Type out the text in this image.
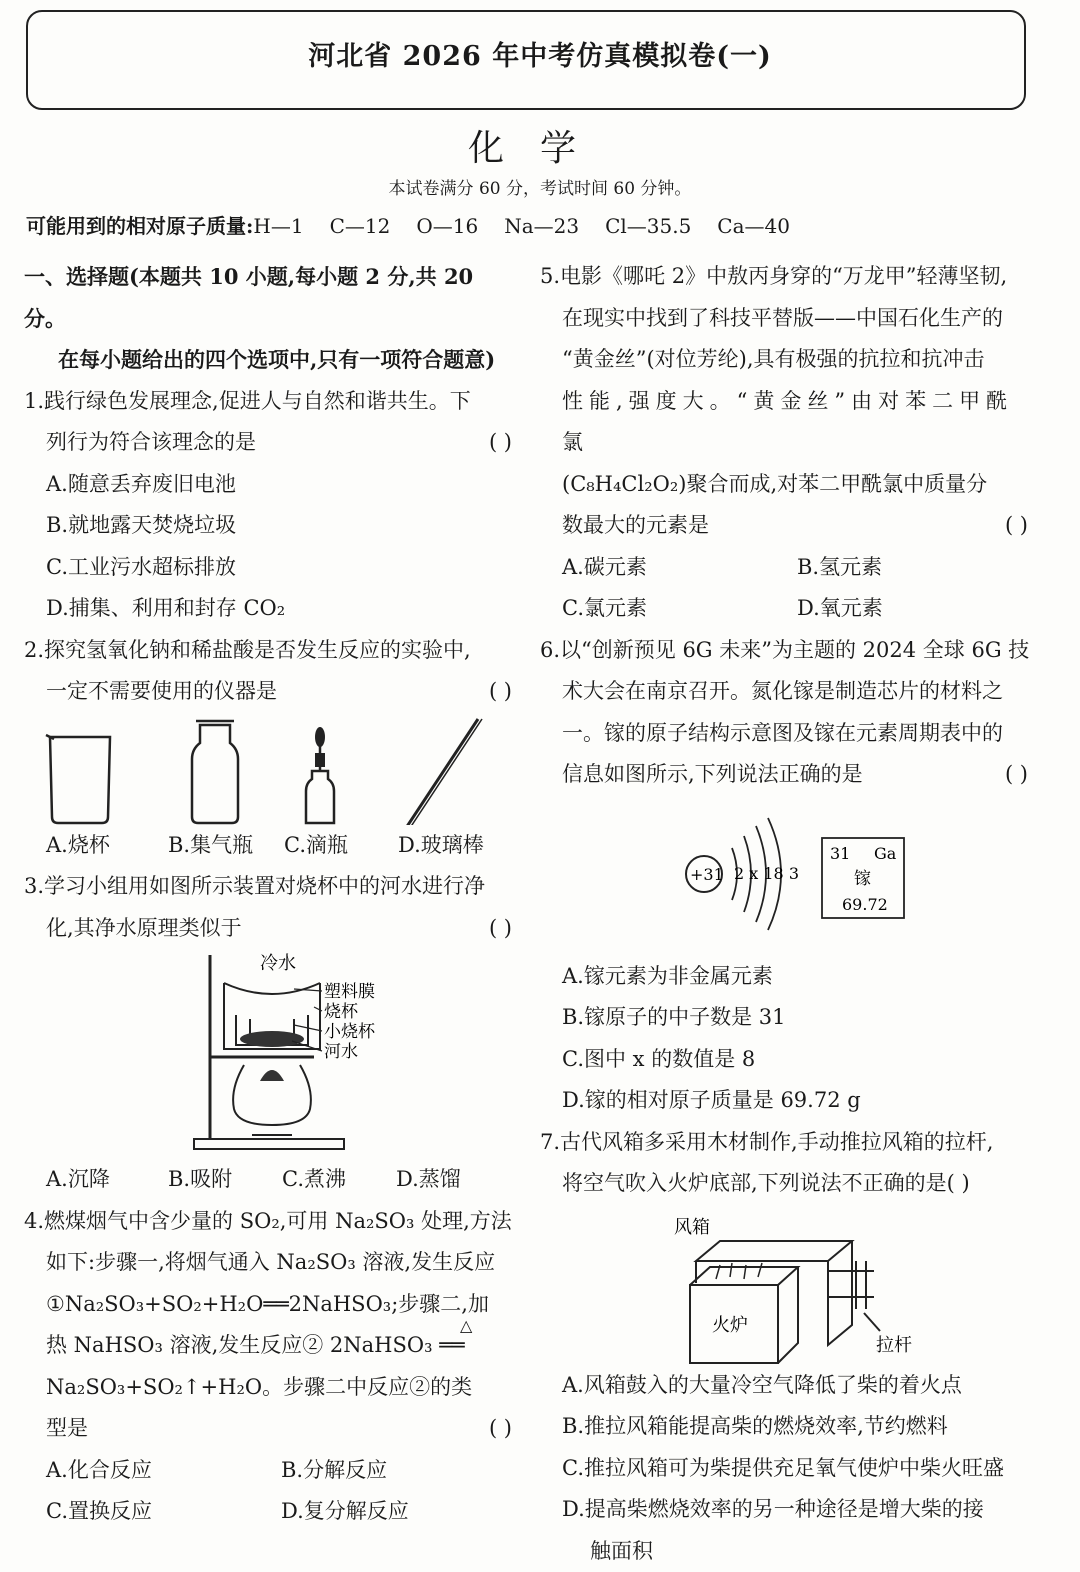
河北省 2026 年中考仿真模拟卷(一)
化学
本试卷满分 60 分，考试时间 60 分钟。
可能用到的相对原子质量:H—1 C—12 O—16 Na—23 Cl—35.5 Ca—40
一、选择题(本题共 10 小题,每小题 2 分,共 20 分。
在每小题给出的四个选项中,只有一项符合题意)
1.践行绿色发展理念,促进人与自然和谐共生。下
列行为符合该理念的是	( )
A.随意丢弃废旧电池
B.就地露天焚烧垃圾
C.工业污水超标排放
D.捕集、利用和封存 CO₂
2.探究氢氧化钠和稀盐酸是否发生反应的实验中,
一定不需要使用的仪器是	( )
A.烧杯	B.集气瓶	C.滴瓶	D.玻璃棒
3.学习小组用如图所示装置对烧杯中的河水进行净
化,其净水原理类似于	( )
冷水
塑料膜
烧杯
小烧杯
河水
A.沉降	B.吸附	C.煮沸	D.蒸馏
4.燃煤烟气中含少量的 SO₂,可用 Na₂SO₃ 处理,方法
如下:步骤一,将烟气通入 Na₂SO₃ 溶液,发生反应
①Na₂SO₃+SO₂+H₂O══2NaHSO₃;步骤二,加
热 NaHSO₃ 溶液,发生反应② 2NaHSO₃ ══
△
Na₂SO₃+SO₂↑+H₂O。步骤二中反应②的类
型是	( )
A.化合反应	B.分解反应
C.置换反应	D.复分解反应
5.电影《哪吒 2》中敖丙身穿的“万龙甲”轻薄坚韧,
在现实中找到了科技平替版——中国石化生产的
“黄金丝”(对位芳纶),具有极强的抗拉和抗冲击
性能,强度大。“黄金丝”由对苯二甲酰氯
(C₈H₄Cl₂O₂)聚合而成,对苯二甲酰氯中质量分
数最大的元素是	( )
A.碳元素	B.氢元素
C.氯元素	D.氧元素
6.以“创新预见 6G 未来”为主题的 2024 全球 6G 技
术大会在南京召开。氮化镓是制造芯片的材料之
一。镓的原子结构示意图及镓在元素周期表中的
信息如图所示,下列说法正确的是	( )
+31 2 x 18 3
31 Ga
镓
69.72
A.镓元素为非金属元素
B.镓原子的中子数是 31
C.图中 x 的数值是 8
D.镓的相对原子质量是 69.72 g
7.古代风箱多采用木材制作,手动推拉风箱的拉杆,
将空气吹入火炉底部,下列说法不正确的是( )
风箱
火炉
拉杆
A.风箱鼓入的大量冷空气降低了柴的着火点
B.推拉风箱能提高柴的燃烧效率,节约燃料
C.推拉风箱可为柴提供充足氧气使炉中柴火旺盛
D.提高柴燃烧效率的另一种途径是增大柴的接
触面积
